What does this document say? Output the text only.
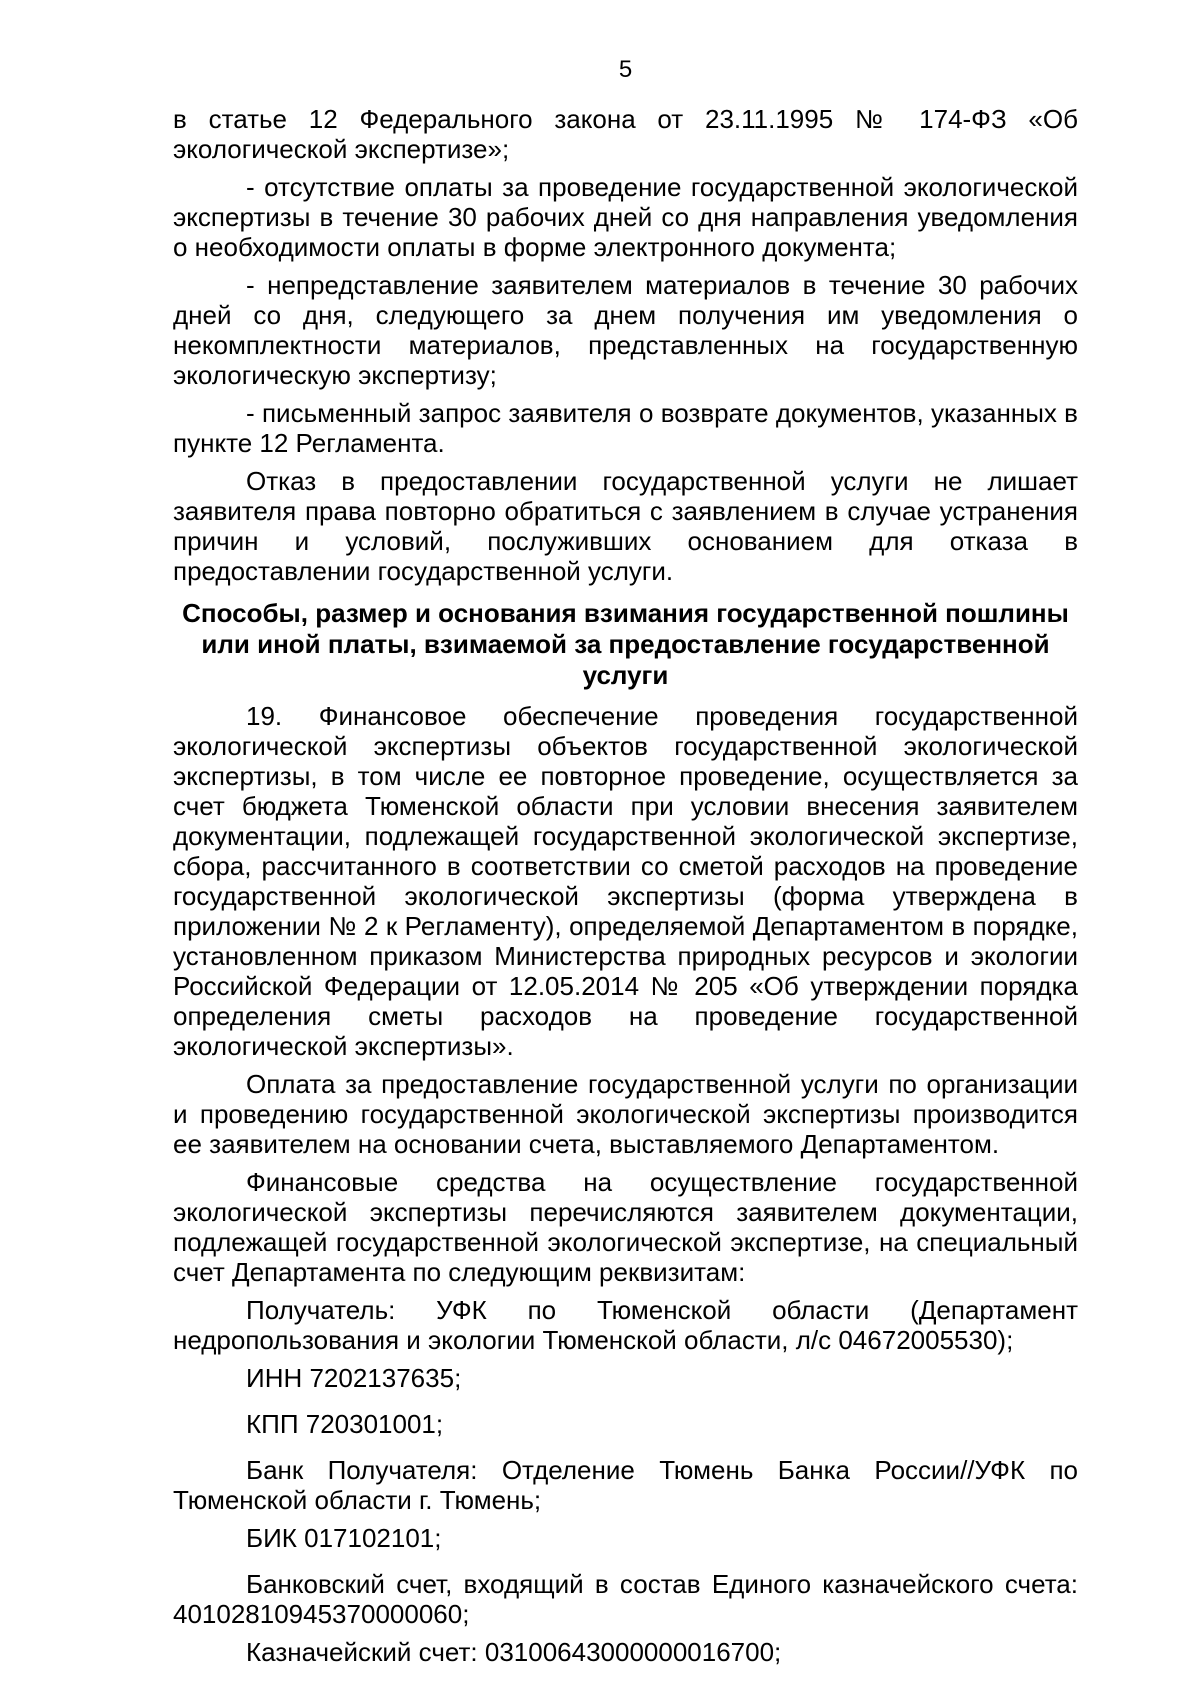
5

в статье 12 Федерального закона от 23.11.1995 № 174-ФЗ «Об экологической экспертизе»;

- отсутствие оплаты за проведение государственной экологической экспертизы в течение 30 рабочих дней со дня направления уведомления о необходимости оплаты в форме электронного документа;

- непредставление заявителем материалов в течение 30 рабочих дней со дня, следующего за днем получения им уведомления о некомплектности материалов, представленных на государственную экологическую экспертизу;

- письменный запрос заявителя о возврате документов, указанных в пункте 12 Регламента.

Отказ в предоставлении государственной услуги не лишает заявителя права повторно обратиться с заявлением в случае устранения причин и условий, послуживших основанием для отказа в предоставлении государственной услуги.

Способы, размер и основания взимания государственной пошлины или иной платы, взимаемой за предоставление государственной услуги

19. Финансовое обеспечение проведения государственной экологической экспертизы объектов государственной экологической экспертизы, в том числе ее повторное проведение, осуществляется за счет бюджета Тюменской области при условии внесения заявителем документации, подлежащей государственной экологической экспертизе, сбора, рассчитанного в соответствии со сметой расходов на проведение государственной экологической экспертизы (форма утверждена в приложении № 2 к Регламенту), определяемой Департаментом в порядке, установленном приказом Министерства природных ресурсов и экологии Российской Федерации от 12.05.2014 № 205 «Об утверждении порядка определения сметы расходов на проведение государственной экологической экспертизы».

Оплата за предоставление государственной услуги по организации и проведению государственной экологической экспертизы производится ее заявителем на основании счета, выставляемого Департаментом.

Финансовые средства на осуществление государственной экологической экспертизы перечисляются заявителем документации, подлежащей государственной экологической экспертизе, на специальный счет Департамента по следующим реквизитам:

Получатель: УФК по Тюменской области (Департамент недропользования и экологии Тюменской области, л/с 04672005530);

ИНН 7202137635;

КПП 720301001;

Банк Получателя: Отделение Тюмень Банка России//УФК по Тюменской области г. Тюмень;

БИК 017102101;

Банковский счет, входящий в состав Единого казначейского счета: 40102810945370000060;

Казначейский счет: 03100643000000016700;
